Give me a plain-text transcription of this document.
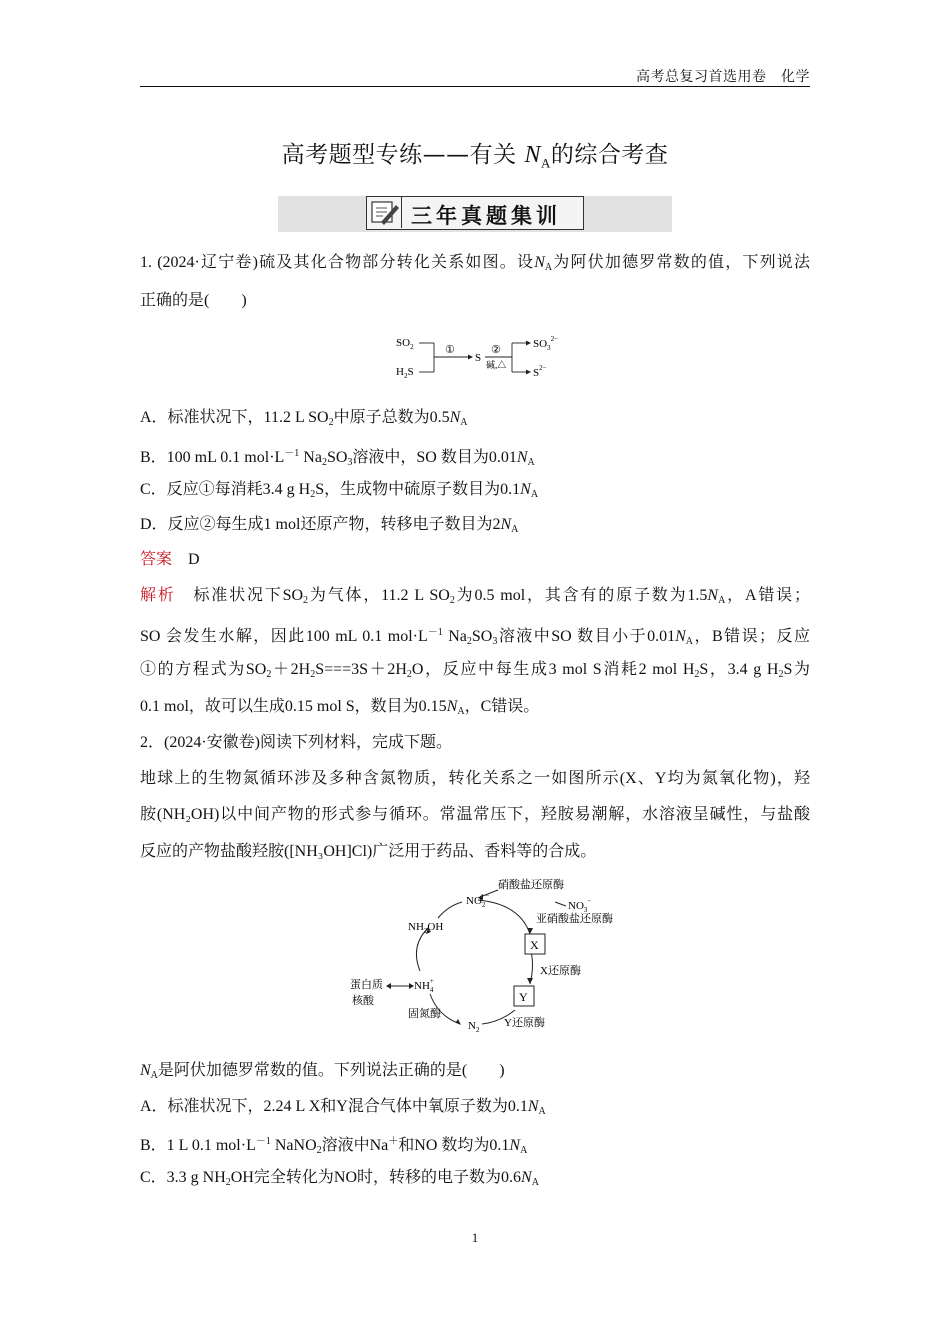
高考总复习首选用卷　化学
高考题型专练——有关 $N_A$的综合考查
三年真题集训
1. (2024·辽宁卷)硫及其化合物部分转化关系如图。设$N_A$为阿伏加德罗常数的值，下列说法
正确的是(　　)
$SO_2$
$H_2S$
①
S
②
碱,△
$SO_3^{2-}$
$S^{2-}$
A．标准状况下，11.2 L $SO_2$中原子总数为$0.5N_A$
B．100 mL 0.1 $mol\cdot L^{-1}$ $Na_2SO_3$溶液中，SO 数目为$0.01N_A$
C．反应①每消耗3.4 g $H_2S$，生成物中硫原子数目为$0.1N_A$
D．反应②每生成1 mol还原产物，转移电子数目为$2N_A$
答案　 D
解析　 标准状况下$SO_2$为气体，11.2 L $SO_2$为0.5 mol，其含有的原子数为$1.5N_A$，A错误；
SO 会发生水解，因此100 mL 0.1 $mol\cdot L^{-1}$ $Na_2SO_3$溶液中SO 数目小于$0.01N_A$，B错误；反应
①的方程式为$SO_2+2H_2S===3S+2H_2O$，反应中每生成3 mol S消耗2 mol $H_2S$，3.4 g $H_2S$为
0.1 mol，故可以生成0.15 mol S，数目为$0.15N_A$，C错误。
2．(2024·安徽卷)阅读下列材料，完成下题。
地球上的生物氮循环涉及多种含氮物质，转化关系之一如图所示(X、Y均为氮氧化物)，羟
胺(NH₂OH)以中间产物的形式参与循环。常温常压下，羟胺易潮解，水溶液呈碱性，与盐酸
反应的产物盐酸羟胺([NH₃OH]Cl)广泛用于药品、香料等的合成。
硝酸盐还原酶
$NO_2^-$
$NO_3^-$
亚硝酸盐还原酶
X
X还原酶
Y
Y还原酶
$N_2$
固氮酶
NH+ 4
蛋白质
核酸
$NH_2OH$
$N_A$是阿伏加德罗常数的值。下列说法正确的是(　　)
A．标准状况下，2.24 L X和Y混合气体中氧原子数为$0.1N_A$
B．1 L 0.1 $mol\cdot L^{-1}$ NaNO$_2$溶液中Na＋和NO 数均为$0.1N_A$
C．3.3 g $NH_2OH$完全转化为NO时，转移的电子数为$0.6N_A$
1
